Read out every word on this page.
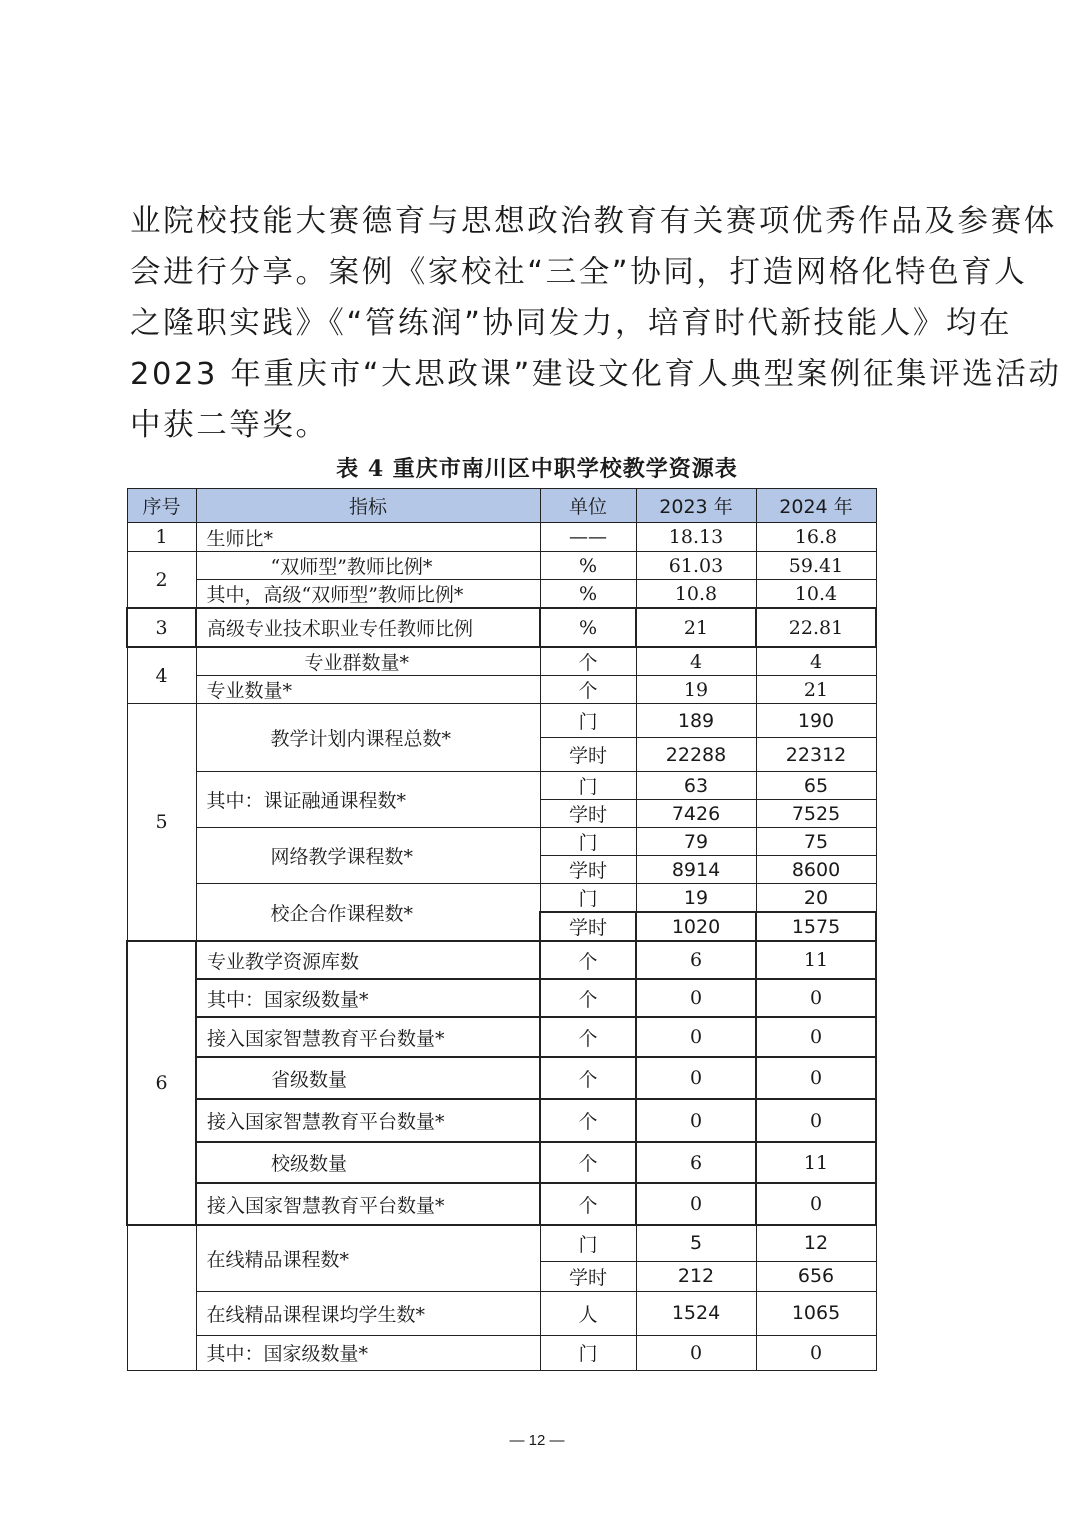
业院校技能大赛德育与思想政治教育有关赛项优秀作品及参赛体
会进行分享。案例《家校社“三全”协同，打造网格化特色育人
之隆职实践》《“管练润”协同发力，培育时代新技能人》均在
2023 年重庆市“大思政课”建设文化育人典型案例征集评选活动
中获二等奖。
表 4 重庆市南川区中职学校教学资源表
序号	指标	单位	2023 年	2024 年
1	生师比*	——	18.13	16.8
2	“双师型”教师比例*	%	61.03	59.41
	其中，高级“双师型”教师比例*	%	10.8	10.4
3	高级专业技术职业专任教师比例	%	21	22.81
4	专业群数量*	个	4	4
	专业数量*	个	19	21
5	教学计划内课程总数*	门	189	190
		学时	22288	22312
	其中：课证融通课程数*	门	63	65
		学时	7426	7525
	网络教学课程数*	门	79	75
		学时	8914	8600
	校企合作课程数*	门	19	20
		学时	1020	1575
6	专业教学资源库数	个	6	11
	其中：国家级数量*	个	0	0
	接入国家智慧教育平台数量*	个	0	0
	省级数量	个	0	0
	接入国家智慧教育平台数量*	个	0	0
	校级数量	个	6	11
	接入国家智慧教育平台数量*	个	0	0
	在线精品课程数*	门	5	12
		学时	212	656
	在线精品课程课均学生数*	人	1524	1065
	其中：国家级数量*	门	0	0
— 12 —
